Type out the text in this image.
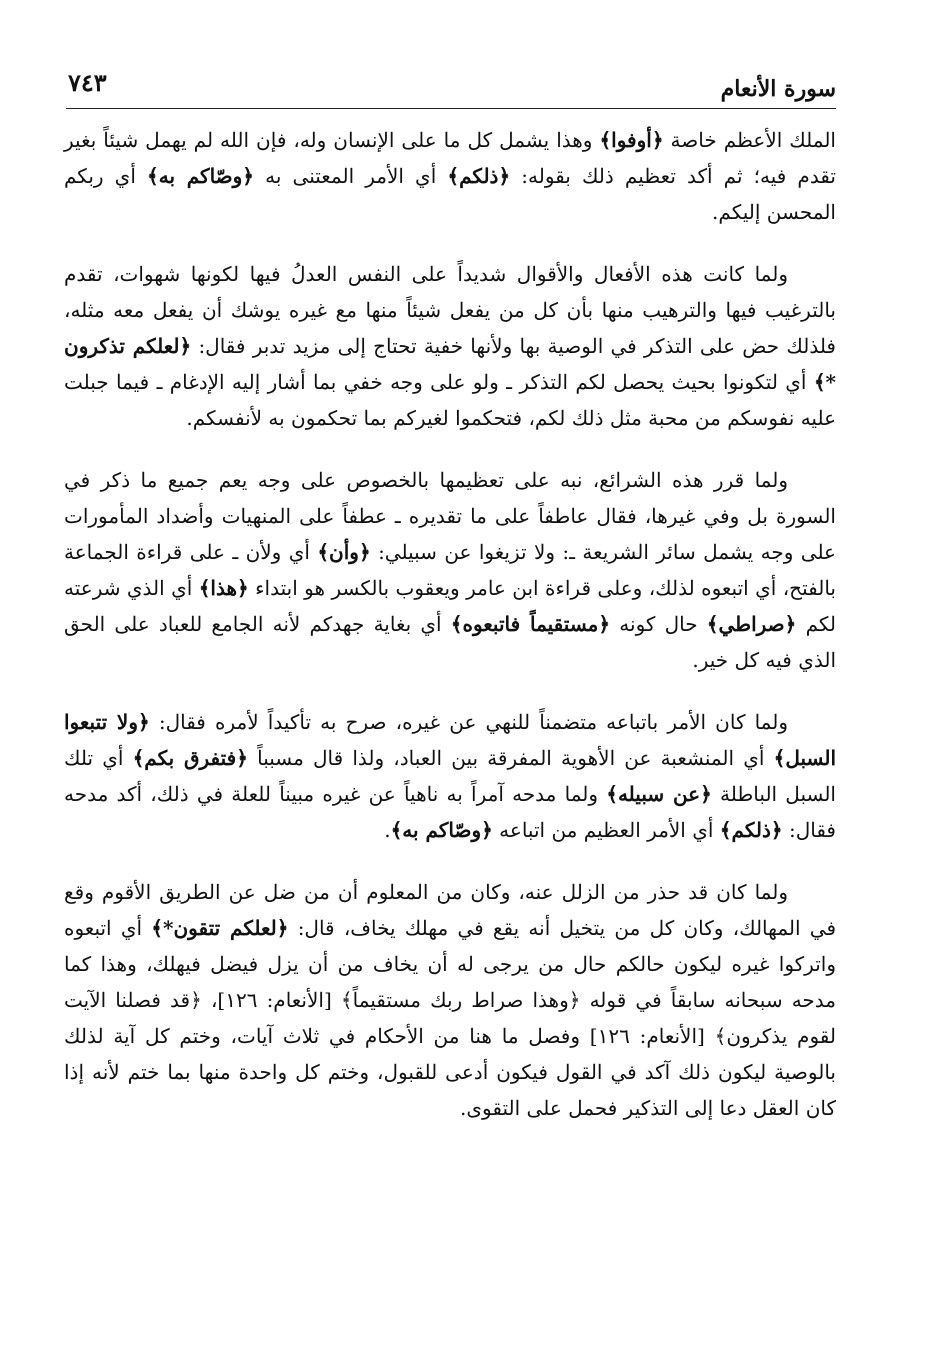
سورة الأنعام
٧٤٣

الملك الأعظم خاصة ﴿أوفوا﴾ وهذا يشمل كل ما على الإنسان وله، فإن الله لم يهمل شيئاً بغير تقدم فيه؛ ثم أكد تعظيم ذلك بقوله: ﴿ذلكم﴾ أي الأمر المعتنى به ﴿وصّاكم به﴾ أي ربكم المحسن إليكم.

ولما كانت هذه الأفعال والأقوال شديداً على النفس العدلُ فيها لكونها شهوات، تقدم بالترغيب فيها والترهيب منها بأن كل من يفعل شيئاً منها مع غيره يوشك أن يفعل معه مثله، فلذلك حض على التذكر في الوصية بها ولأنها خفية تحتاج إلى مزيد تدبر فقال: ﴿لعلكم تذكرون *﴾ أي لتكونوا بحيث يحصل لكم التذكر ـ ولو على وجه خفي بما أشار إليه الإدغام ـ فيما جبلت عليه نفوسكم من محبة مثل ذلك لكم، فتحكموا لغيركم بما تحكمون به لأنفسكم.

ولما قرر هذه الشرائع، نبه على تعظيمها بالخصوص على وجه يعم جميع ما ذكر في السورة بل وفي غيرها، فقال عاطفاً على ما تقديره ـ عطفاً على المنهيات وأضداد المأمورات على وجه يشمل سائر الشريعة ـ: ولا تزيغوا عن سبيلي: ﴿وأن﴾ أي ولأن ـ على قراءة الجماعة بالفتح، أي اتبعوه لذلك، وعلى قراءة ابن عامر ويعقوب بالكسر هو ابتداء ﴿هذا﴾ أي الذي شرعته لكم ﴿صراطي﴾ حال كونه ﴿مستقيماً فاتبعوه﴾ أي بغاية جهدكم لأنه الجامع للعباد على الحق الذي فيه كل خير.

ولما كان الأمر باتباعه متضمناً للنهي عن غيره، صرح به تأكيداً لأمره فقال: ﴿ولا تتبعوا السبل﴾ أي المنشعبة عن الأهوية المفرقة بين العباد، ولذا قال مسبباً ﴿فتفرق بكم﴾ أي تلك السبل الباطلة ﴿عن سبيله﴾ ولما مدحه آمراً به ناهياً عن غيره مبيناً للعلة في ذلك، أكد مدحه فقال: ﴿ذلكم﴾ أي الأمر العظيم من اتباعه ﴿وصّاكم به﴾.

ولما كان قد حذر من الزلل عنه، وكان من المعلوم أن من ضل عن الطريق الأقوم وقع في المهالك، وكان كل من يتخيل أنه يقع في مهلك يخاف، قال: ﴿لعلكم تتقون*﴾ أي اتبعوه واتركوا غيره ليكون حالكم حال من يرجى له أن يخاف من أن يزل فيضل فيهلك، وهذا كما مدحه سبحانه سابقاً في قوله ﴿وهذا صراط ربك مستقيماً﴾ [الأنعام: ١٢٦]، ﴿قد فصلنا الآيت لقوم يذكرون﴾ [الأنعام: ١٢٦] وفصل ما هنا من الأحكام في ثلاث آيات، وختم كل آية لذلك بالوصية ليكون ذلك آكد في القول فيكون أدعى للقبول، وختم كل واحدة منها بما ختم لأنه إذا كان العقل دعا إلى التذكير فحمل على التقوى.
